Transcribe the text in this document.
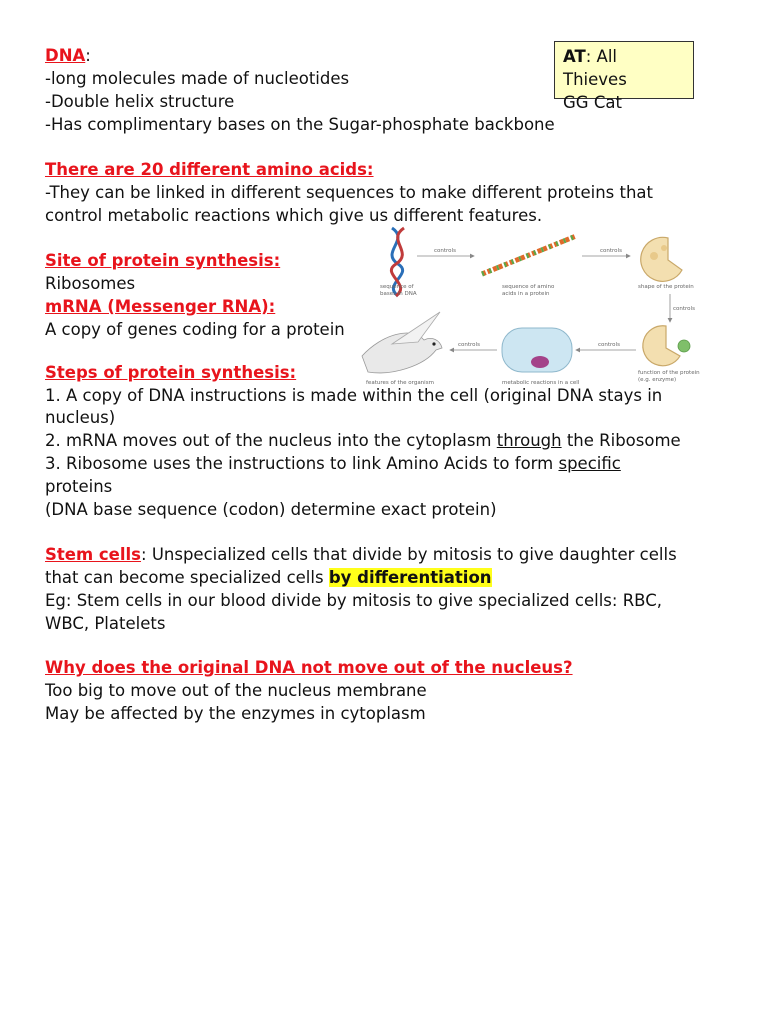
AT: All
Thieves
GG Cat
DNA:
-long molecules made of nucleotides
-Double helix structure
-Has complimentary bases on the Sugar-phosphate backbone
There are 20 different amino acids:
-They can be linked in different sequences to make different proteins that
control metabolic reactions which give us different features.
Site of protein synthesis:
Ribosomes
mRNA (Messenger RNA):
A copy of genes coding for a protein
Steps of protein synthesis:
1. A copy of DNA instructions is made within the cell (original DNA stays in
nucleus)
2. mRNA moves out of the nucleus into the cytoplasm through the Ribosome
3. Ribosome uses the instructions to link Amino Acids to form specific
proteins
(DNA base sequence (codon) determine exact protein)
Stem cells: Unspecialized cells that divide by mitosis to give daughter cells
that can become specialized cells by differentiation
Eg: Stem cells in our blood divide by mitosis to give specialized cells: RBC,
WBC, Platelets
Why does the original DNA not move out of the nucleus?
Too big to move out of the nucleus membrane
May be affected by the enzymes in cytoplasm
sequence of
bases in DNA
controls
sequence of amino
acids in a protein
controls
shape of the protein
controls
function of the protein
(e.g. enzyme)
controls
metabolic reactions in a cell
controls
features of the organism
